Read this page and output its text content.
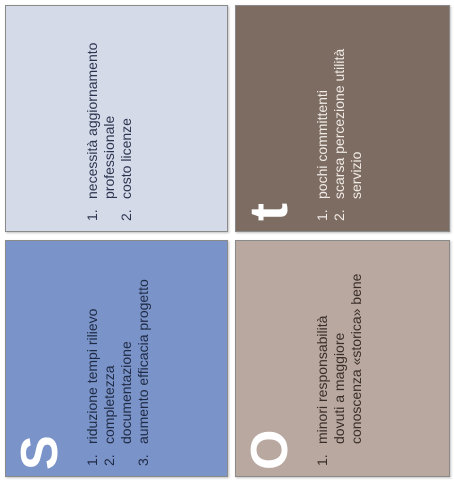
S 1.
riduzione tempi rilievo
2.
completezza documentazione
3.
aumento efficacia progetto
1.
necessità aggiornamento professionale
2.
costo licenze
O 1.
minori responsabilità dovuti a maggiore conoscenza «storica» bene
t 1.
pochi committenti
2.
scarsa percezione utilità servizio
